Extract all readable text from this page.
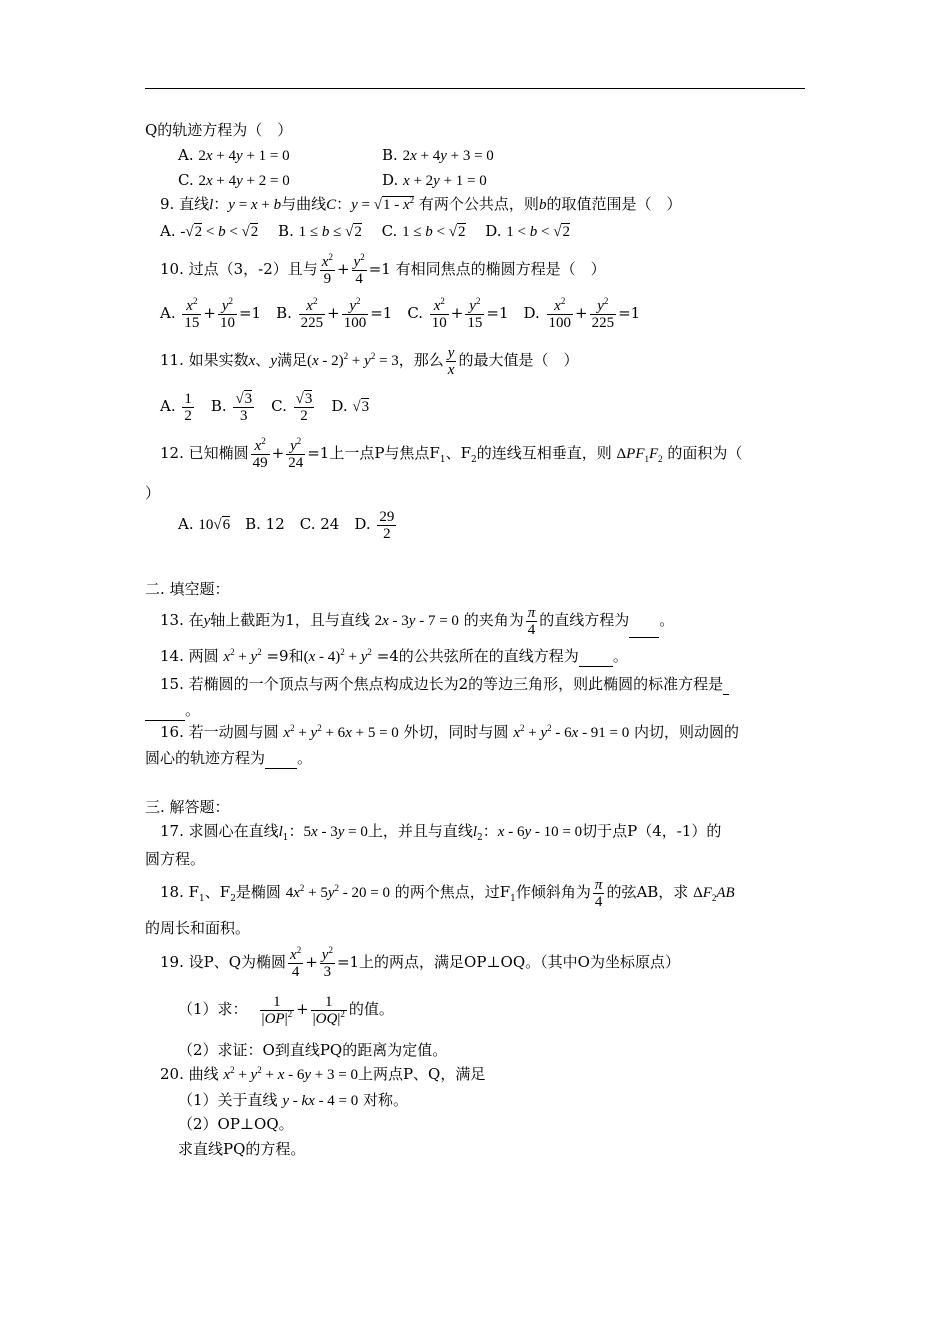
Q的轨迹方程为（　）
A. 2x + 4y + 1 = 0	B. 2x + 4y + 3 = 0
C. 2x + 4y + 2 = 0	D. x + 2y + 1 = 0
9. 直线l：y = x + b与曲线C：$y = √1 - x^2$ 有两个公共点，则b的取值范围是（　）
A. -√2 < b < √2　 B. 1 ≤ b ≤ √2　 C. 1 ≤ b < √2　 D. 1 < b < √2
10. 过点（3，-2）且与 $\frac{x^2}{9} + \frac{y^2}{4} =1$ 有相同焦点的椭圆方程是（　）
A. $\frac{x^2}{15} + \frac{y^2}{10} =1$　B. $\frac{x^2}{225} + \frac{y^2}{100} =1$　C. $\frac{x^2}{10} + \frac{y^2}{15} =1$　D. $\frac{x^2}{100} + \frac{y^2}{225} =1$
11. 如果实数x、y满足$(x - 2)^2 + y^2 = 3$，那么 $\frac{y}{x}$ 的最大值是（　）
A. $\frac{1}{2}$ 　B. $\frac{√3}{3}$ 　C. $\frac{√3}{2}$ 　D. √3
12. 已知椭圆 $\frac{x^2}{49} + \frac{y^2}{24} =1$上一点P与焦点$F_1$、$F_2$的连线互相垂直，则 $\Delta PF_1F_2$ 的面积为（
）
A. 10√6　B. 12　C. 24　D. $\frac{29}{2}$
二. 填空题：
13. 在y轴上截距为1，且与直线 2x - 3y - 7 = 0 的夹角为 $\frac{\pi}{4}$ 的直线方程为 。
14. 两圆 $x^2 + y^2 =9$和$(x - 4)^2 + y^2 =4$的公共弦所在的直线方程为 。
15. 若椭圆的一个顶点与两个焦点构成边长为2的等边三角形，则此椭圆的标准方程是
。
16. 若一动圆与圆 $x^2 + y^2 + 6x + 5 = 0$ 外切，同时与圆 $x^2 + y^2 - 6x - 91 = 0$ 内切，则动圆的
圆心的轨迹方程为 。
三. 解答题：
17. 求圆心在直线$l_1$：5x - 3y = 0上，并且与直线$l_2$：x - 6y - 10 = 0切于点P（4，-1）的
圆方程。
18. $F_1$、$F_2$是椭圆 $4x^2 + 5y^2 - 20 = 0$ 的两个焦点，过$F_1$作倾斜角为 $\frac{\pi}{4}$ 的弦AB，求 $\Delta F_2AB$
的周长和面积。
19. 设P、Q为椭圆 $\frac{x^2}{4} + \frac{y^2}{3} =1$上的两点，满足OP⊥OQ。（其中O为坐标原点）
（1）求： $\frac{1}{|OP|^2} + \frac{1}{|OQ|^2}$ 的值。
（2）求证：O到直线PQ的距离为定值。
20. 曲线 $x^2 + y^2 + x - 6y + 3 = 0$上两点P、Q，满足
（1）关于直线 y - kx - 4 = 0 对称。
（2）OP⊥OQ。
求直线PQ的方程。
